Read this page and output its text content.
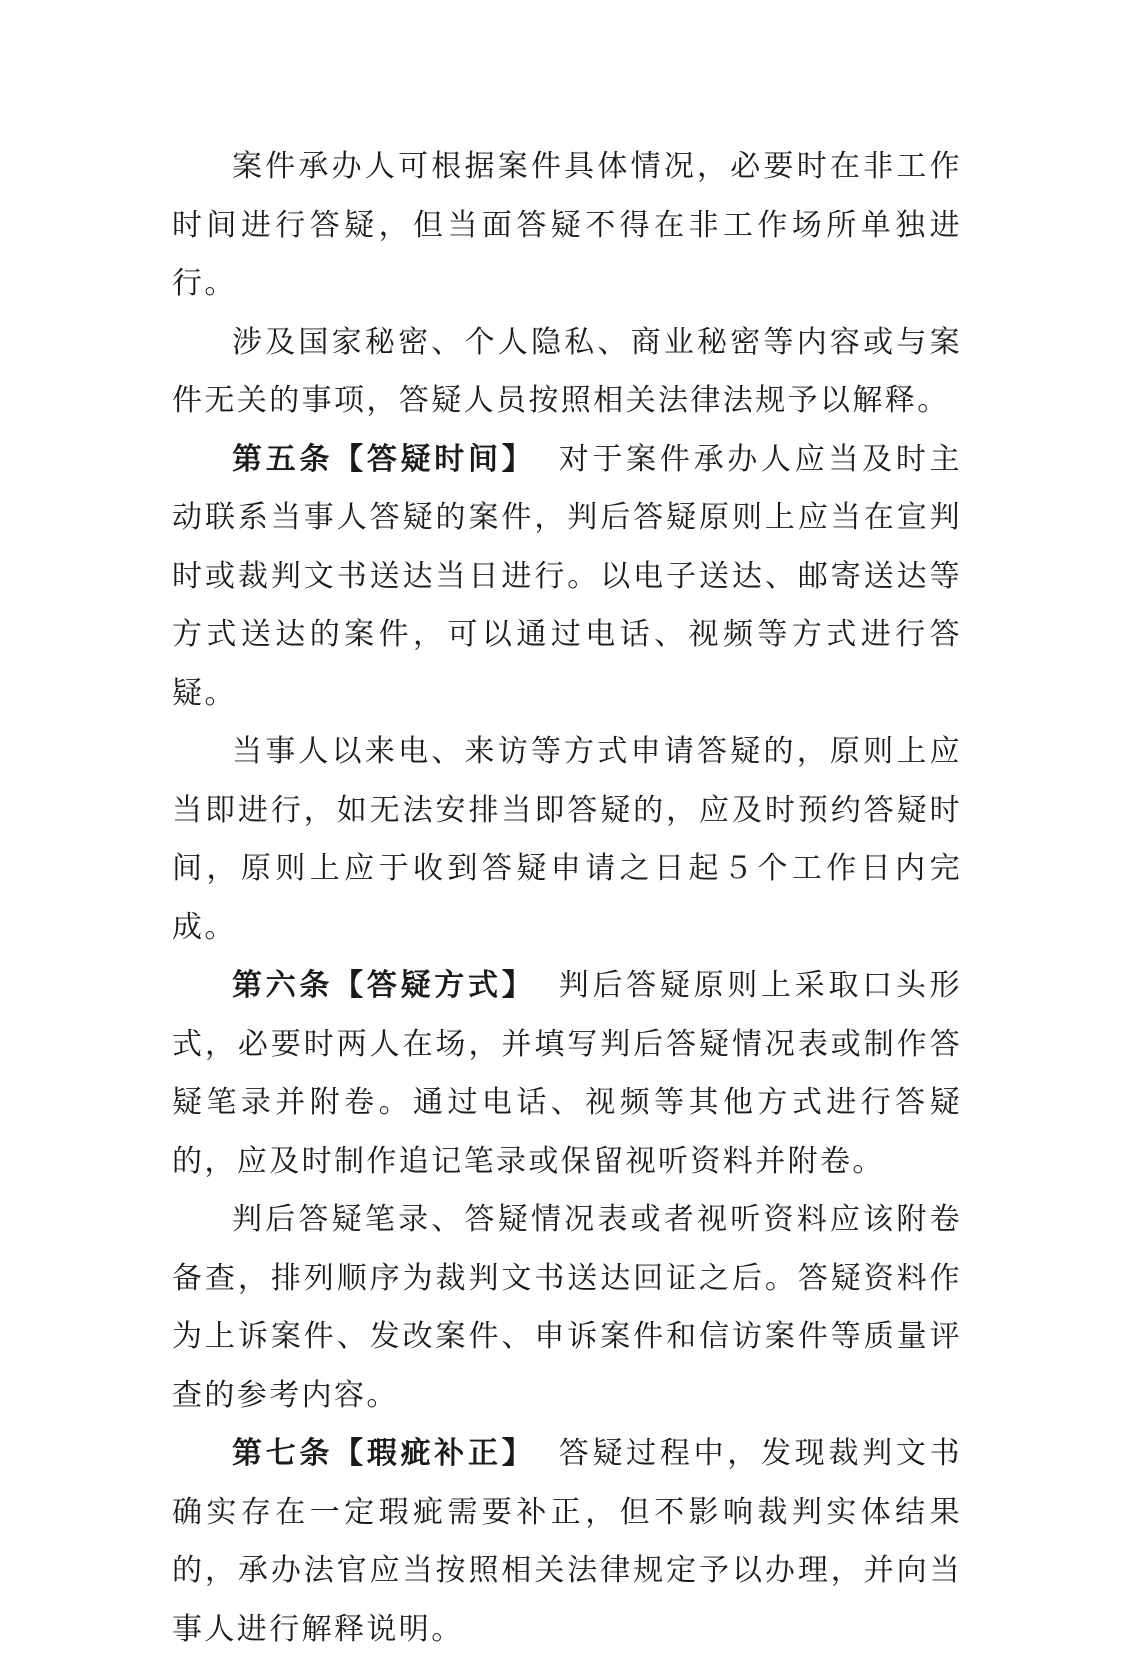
案件承办人可根据案件具体情况，必要时在非工作时间进行答疑，但当面答疑不得在非工作场所单独进行。

涉及国家秘密、个人隐私、商业秘密等内容或与案件无关的事项，答疑人员按照相关法律法规予以解释。

第五条【答疑时间】 对于案件承办人应当及时主动联系当事人答疑的案件，判后答疑原则上应当在宣判时或裁判文书送达当日进行。以电子送达、邮寄送达等方式送达的案件，可以通过电话、视频等方式进行答疑。

当事人以来电、来访等方式申请答疑的，原则上应当即进行，如无法安排当即答疑的，应及时预约答疑时间，原则上应于收到答疑申请之日起５个工作日内完成。

第六条【答疑方式】 判后答疑原则上采取口头形式，必要时两人在场，并填写判后答疑情况表或制作答疑笔录并附卷。通过电话、视频等其他方式进行答疑的，应及时制作追记笔录或保留视听资料并附卷。

判后答疑笔录、答疑情况表或者视听资料应该附卷备查，排列顺序为裁判文书送达回证之后。答疑资料作为上诉案件、发改案件、申诉案件和信访案件等质量评查的参考内容。

第七条【瑕疵补正】 答疑过程中，发现裁判文书确实存在一定瑕疵需要补正，但不影响裁判实体结果的，承办法官应当按照相关法律规定予以办理，并向当事人进行解释说明。
